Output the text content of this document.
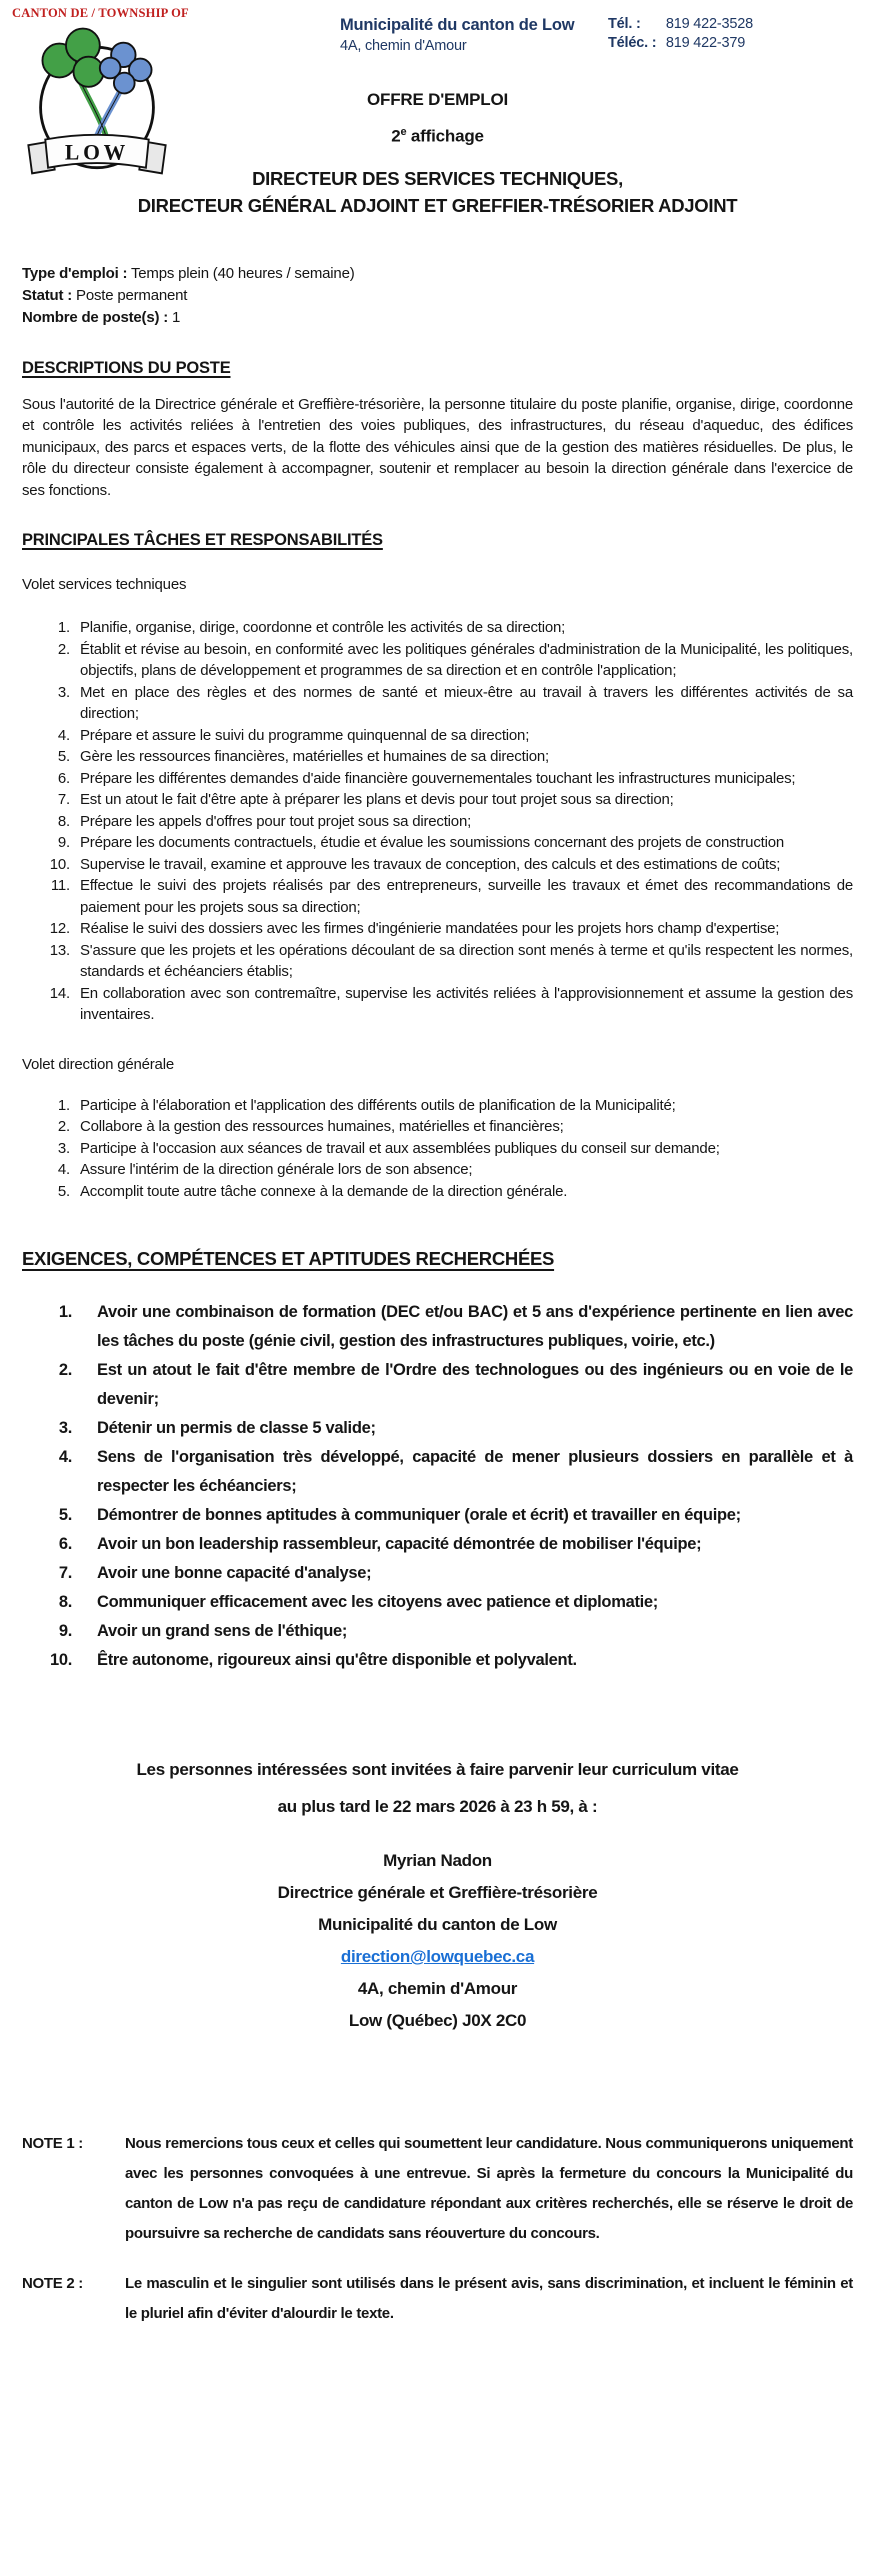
CANTON DE / TOWNSHIP OF
LOW
Municipalité du canton de Low
4A, chemin d'Amour
Tél. : 819 422-3528
Téléc. : 819 422-379
OFFRE D'EMPLOI
2e affichage
DIRECTEUR DES SERVICES TECHNIQUES,
DIRECTEUR GÉNÉRAL ADJOINT ET GREFFIER-TRÉSORIER ADJOINT
Type d'emploi : Temps plein (40 heures / semaine)
Statut : Poste permanent
Nombre de poste(s) : 1
DESCRIPTIONS DU POSTE

Sous l'autorité de la Directrice générale et Greffière-trésorière, la personne titulaire du poste planifie, organise, dirige, coordonne et contrôle les activités reliées à l'entretien des voies publiques, des infrastructures, du réseau d'aqueduc, des édifices municipaux, des parcs et espaces verts, de la flotte des véhicules ainsi que de la gestion des matières résiduelles. De plus, le rôle du directeur consiste également à accompagner, soutenir et remplacer au besoin la direction générale dans l'exercice de ses fonctions.

PRINCIPALES TÂCHES ET RESPONSABILITÉS
Volet services techniques
Planifie, organise, dirige, coordonne et contrôle les activités de sa direction;
Établit et révise au besoin, en conformité avec les politiques générales d'administration de la Municipalité, les politiques, objectifs, plans de développement et programmes de sa direction et en contrôle l'application;
Met en place des règles et des normes de santé et mieux-être au travail à travers les différentes activités de sa direction;
Prépare et assure le suivi du programme quinquennal de sa direction;
Gère les ressources financières, matérielles et humaines de sa direction;
Prépare les différentes demandes d'aide financière gouvernementales touchant les infrastructures municipales;
Est un atout le fait d'être apte à préparer les plans et devis pour tout projet sous sa direction;
Prépare les appels d'offres pour tout projet sous sa direction;
Prépare les documents contractuels, étudie et évalue les soumissions concernant des projets de construction
Supervise le travail, examine et approuve les travaux de conception, des calculs et des estimations de coûts;
Effectue le suivi des projets réalisés par des entrepreneurs, surveille les travaux et émet des recommandations de paiement pour les projets sous sa direction;
Réalise le suivi des dossiers avec les firmes d'ingénierie mandatées pour les projets hors champ d'expertise;
S'assure que les projets et les opérations découlant de sa direction sont menés à terme et qu'ils respectent les normes, standards et échéanciers établis;
En collaboration avec son contremaître, supervise les activités reliées à l'approvisionnement et assume la gestion des inventaires.
Volet direction générale
Participe à l'élaboration et l'application des différents outils de planification de la Municipalité;
Collabore à la gestion des ressources humaines, matérielles et financières;
Participe à l'occasion aux séances de travail et aux assemblées publiques du conseil sur demande;
Assure l'intérim de la direction générale lors de son absence;
Accomplit toute autre tâche connexe à la demande de la direction générale.
EXIGENCES, COMPÉTENCES ET APTITUDES RECHERCHÉES
Avoir une combinaison de formation (DEC et/ou BAC) et 5 ans d'expérience pertinente en lien avec les tâches du poste (génie civil, gestion des infrastructures publiques, voirie, etc.)
Est un atout le fait d'être membre de l'Ordre des technologues ou des ingénieurs ou en voie de le devenir;
Détenir un permis de classe 5 valide;
Sens de l'organisation très développé, capacité de mener plusieurs dossiers en parallèle et à respecter les échéanciers;
Démontrer de bonnes aptitudes à communiquer (orale et écrit) et travailler en équipe;
Avoir un bon leadership rassembleur, capacité démontrée de mobiliser l'équipe;
Avoir une bonne capacité d'analyse;
Communiquer efficacement avec les citoyens avec patience et diplomatie;
Avoir un grand sens de l'éthique;
Être autonome, rigoureux ainsi qu'être disponible et polyvalent.
Les personnes intéressées sont invitées à faire parvenir leur curriculum vitae
au plus tard le 22 mars 2026 à 23 h 59, à :
Myrian Nadon
Directrice générale et Greffière-trésorière
Municipalité du canton de Low
direction@lowquebec.ca
4A, chemin d'Amour
Low (Québec) J0X 2C0
NOTE 1 :	Nous remercions tous ceux et celles qui soumettent leur candidature. Nous communiquerons uniquement avec les personnes convoquées à une entrevue. Si après la fermeture du concours la Municipalité du canton de Low n'a pas reçu de candidature répondant aux critères recherchés, elle se réserve le droit de poursuivre sa recherche de candidats sans réouverture du concours.
NOTE 2 :	Le masculin et le singulier sont utilisés dans le présent avis, sans discrimination, et incluent le féminin et le pluriel afin d'éviter d'alourdir le texte.
